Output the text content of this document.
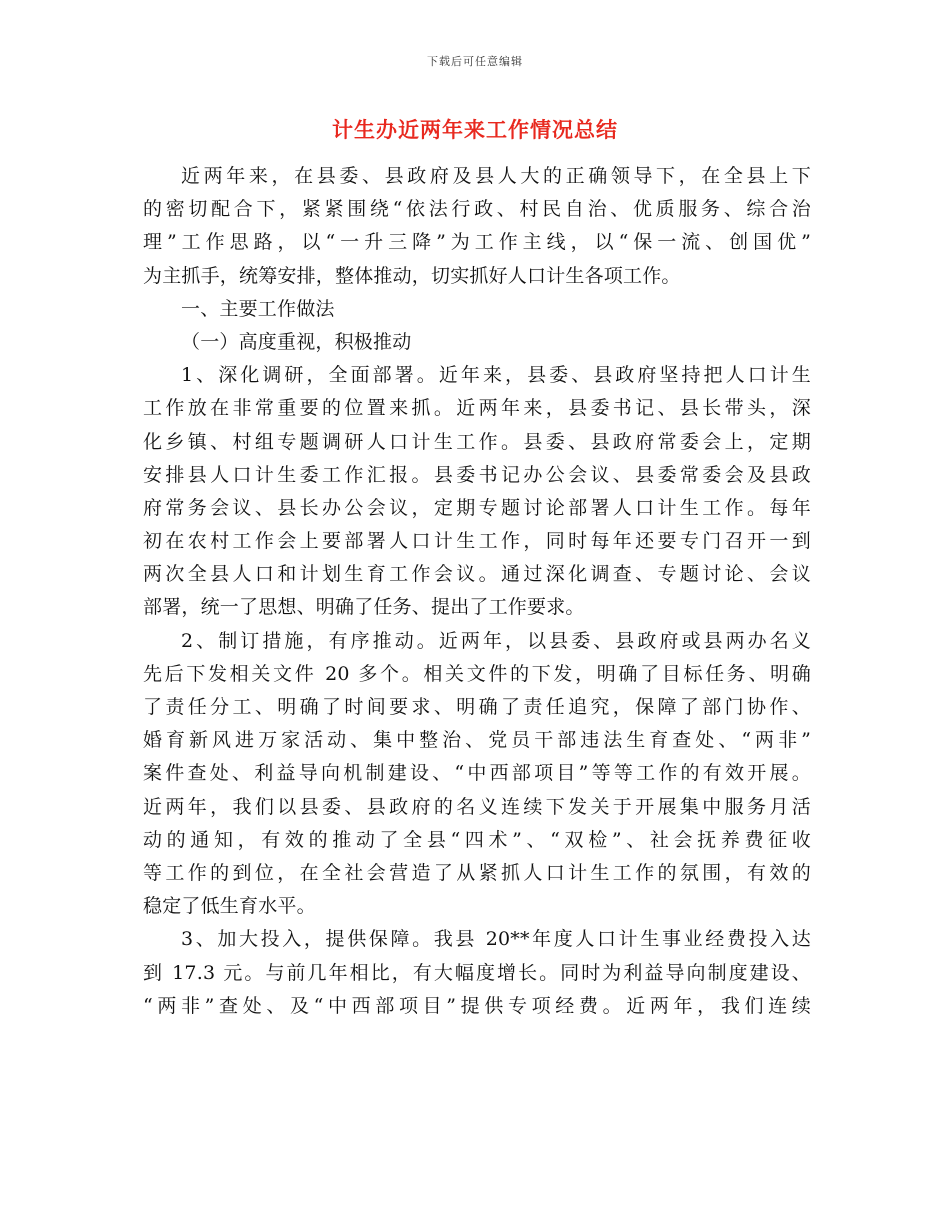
下载后可任意编辑
计生办近两年来工作情况总结
近两年来，在县委、县政府及县人大的正确领导下，在全县上下
的密切配合下，紧紧围绕“依法行政、村民自治、优质服务、综合治
理”工作思路，以“一升三降”为工作主线，以“保一流、创国优”
为主抓手，统筹安排，整体推动，切实抓好人口计生各项工作。
一、主要工作做法
（一）高度重视，积极推动
1、深化调研，全面部署。近年来，县委、县政府坚持把人口计生
工作放在非常重要的位置来抓。近两年来，县委书记、县长带头，深
化乡镇、村组专题调研人口计生工作。县委、县政府常委会上，定期
安排县人口计生委工作汇报。县委书记办公会议、县委常委会及县政
府常务会议、县长办公会议，定期专题讨论部署人口计生工作。每年
初在农村工作会上要部署人口计生工作，同时每年还要专门召开一到
两次全县人口和计划生育工作会议。通过深化调查、专题讨论、会议
部署，统一了思想、明确了任务、提出了工作要求。
2、制订措施，有序推动。近两年，以县委、县政府或县两办名义
先后下发相关文件 20 多个。相关文件的下发，明确了目标任务、明确
了责任分工、明确了时间要求、明确了责任追究，保障了部门协作、
婚育新风进万家活动、集中整治、党员干部违法生育查处、“两非”
案件查处、利益导向机制建设、“中西部项目”等等工作的有效开展。
近两年，我们以县委、县政府的名义连续下发关于开展集中服务月活
动的通知，有效的推动了全县“四术”、“双检”、社会抚养费征收
等工作的到位，在全社会营造了从紧抓人口计生工作的氛围，有效的
稳定了低生育水平。
3、加大投入，提供保障。我县 20**年度人口计生事业经费投入达
到 17.3 元。与前几年相比，有大幅度增长。同时为利益导向制度建设、
“两非”查处、及“中西部项目”提供专项经费。近两年，我们连续
